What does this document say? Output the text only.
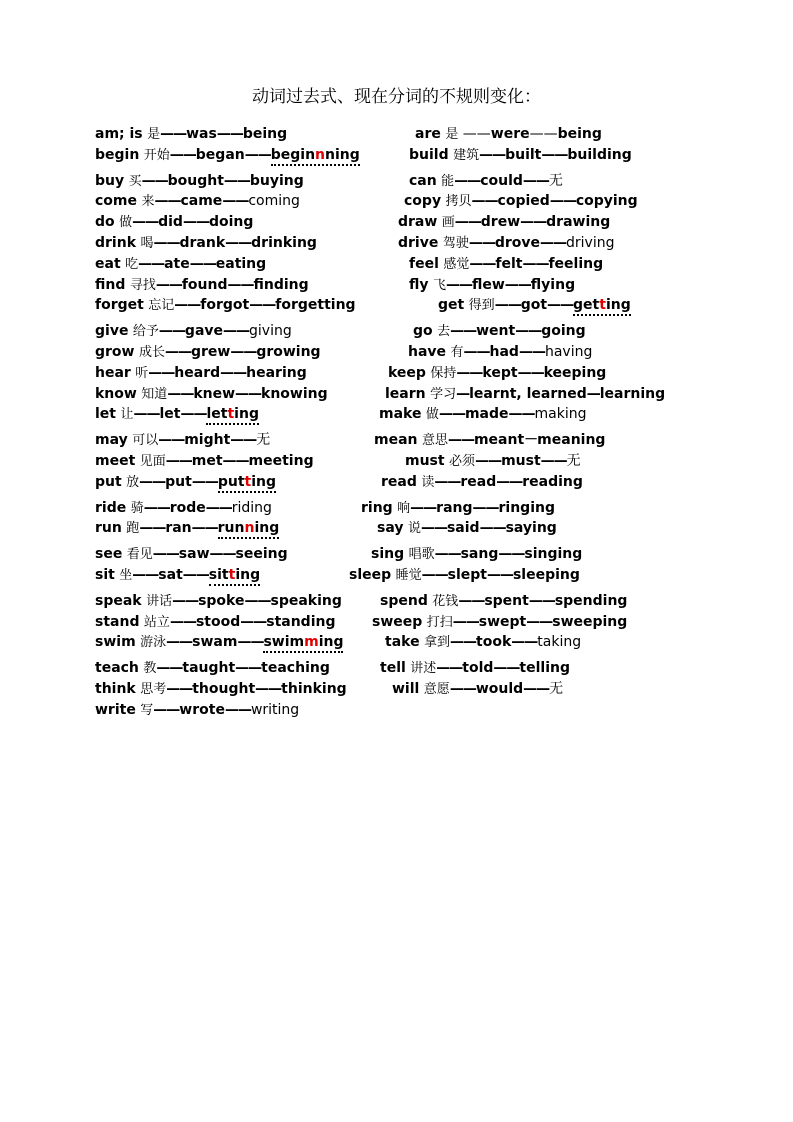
动词过去式、现在分词的不规则变化：
am; is 是——was——being
begin 开始——began——beginnning
buy 买——bought——buying
come 来——came——coming
do 做——did——doing
drink 喝——drank——drinking
eat 吃——ate——eating
find 寻找——found——finding
forget 忘记——forgot——forgetting
give 给予——gave——giving
grow 成长——grew——growing
hear 听——heard——hearing
know 知道——knew——knowing
let 让——let——letting
may 可以——might——无
meet 见面——met——meeting
put 放——put——putting
ride 骑——rode——riding
run 跑——ran——running
see 看见——saw——seeing
sit 坐——sat——sitting
speak 讲话——spoke——speaking
stand 站立——stood——standing
swim 游泳——swam——swimming
teach 教——taught——teaching
think 思考——thought——thinking
write 写——wrote——writing
are 是 ——were——being
build 建筑——built——building
can 能——could——无
copy 拷贝——copied——copying
draw 画——drew——drawing
drive 驾驶——drove——driving
feel 感觉——felt——feeling
fly 飞——flew——flying
get 得到——got——getting
go 去——went——going
have 有——had——having
keep 保持——kept——keeping
learn 学习—learnt, learned—learning
make 做——made——making
mean 意思——meant－meaning
must 必须——must——无
read 读——read——reading
ring 响——rang——ringing
say 说——said——saying
sing 唱歌——sang——singing
sleep 睡觉——slept——sleeping
spend 花钱——spent——spending
sweep 打扫——swept——sweeping
take 拿到——took——taking
tell 讲述——told——telling
will 意愿——would——无
